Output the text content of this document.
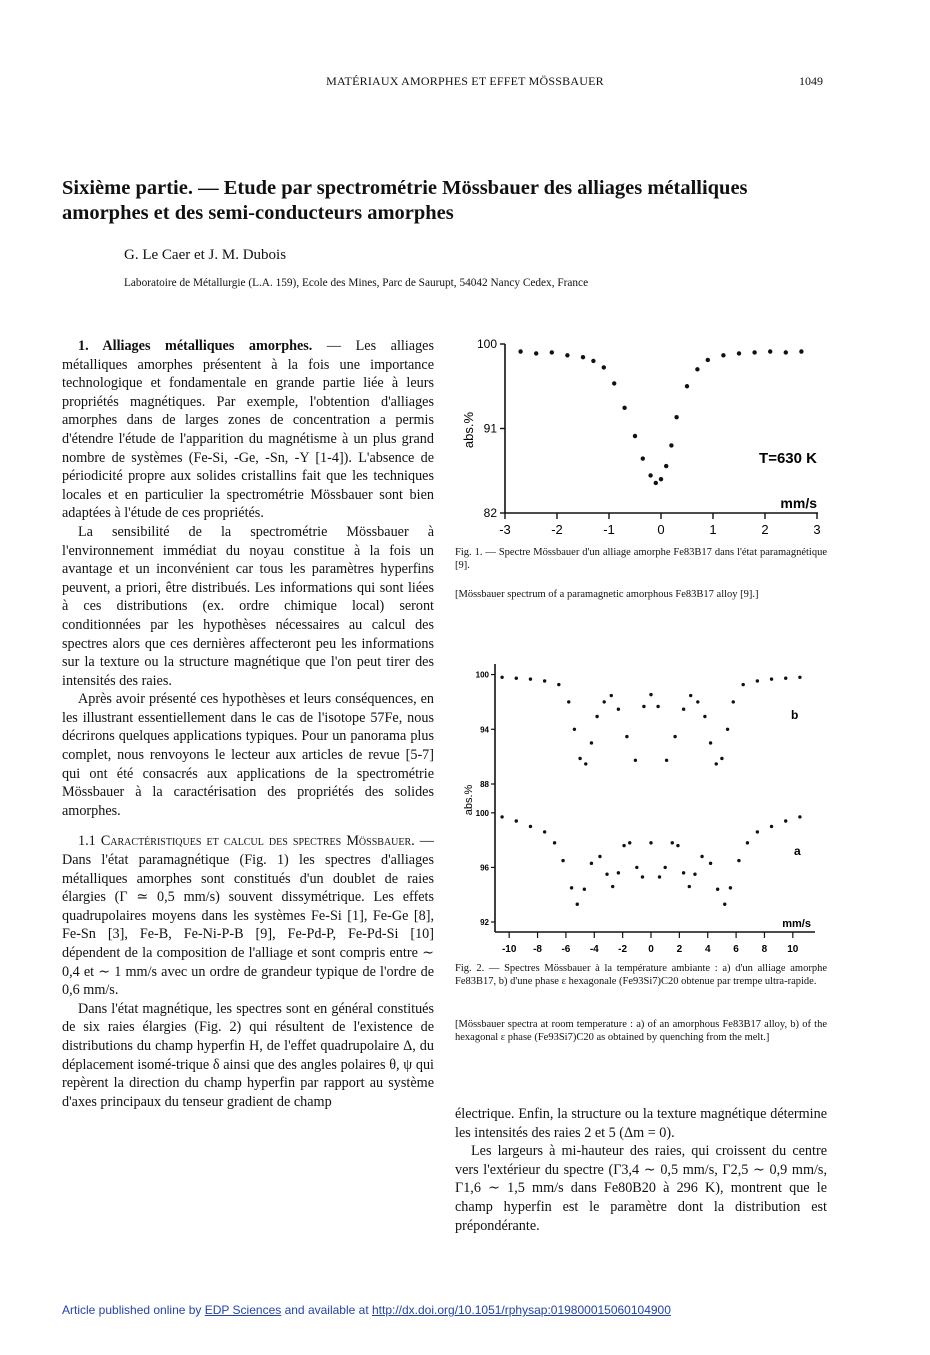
MATÉRIAUX AMORPHES ET EFFET MÖSSBAUER	1049
Sixième partie. — Etude par spectrométrie Mössbauer des alliages métalliques amorphes et des semi-conducteurs amorphes
G. Le Caer et J. M. Dubois
Laboratoire de Métallurgie (L.A. 159), Ecole des Mines, Parc de Saurupt, 54042 Nancy Cedex, France

1. Alliages métalliques amorphes. — Les alliages métalliques amorphes présentent à la fois une importance technologique et fondamentale en grande partie liée à leurs propriétés magnétiques. Par exemple, l'obtention d'alliages amorphes dans de larges zones de concentration a permis d'étendre l'étude de l'apparition du magnétisme à un plus grand nombre de systèmes (Fe-Si, -Ge, -Sn, -Y [1-4]). L'absence de périodicité propre aux solides cristallins fait que les techniques locales et en particulier la spectrométrie Mössbauer sont bien adaptées à l'étude de ces propriétés.

La sensibilité de la spectrométrie Mössbauer à l'environnement immédiat du noyau constitue à la fois un avantage et un inconvénient car tous les paramètres hyperfins peuvent, a priori, être distribués. Les informations qui sont liées à ces distributions (ex. ordre chimique local) seront conditionnées par les hypothèses nécessaires au calcul des spectres alors que ces dernières affecteront peu les informations sur la texture ou la structure magnétique que l'on peut tirer des intensités des raies.

Après avoir présenté ces hypothèses et leurs conséquences, en les illustrant essentiellement dans le cas de l'isotope 57Fe, nous décrirons quelques applications typiques. Pour un panorama plus complet, nous renvoyons le lecteur aux articles de revue [5-7] qui ont été consacrés aux applications de la spectrométrie Mössbauer à la caractérisation des propriétés des solides amorphes.

1.1 Caractéristiques et calcul des spectres Mössbauer. — Dans l'état paramagnétique (Fig. 1) les spectres d'alliages métalliques amorphes sont constitués d'un doublet de raies élargies (Γ ≃ 0,5 mm/s) souvent dissymétrique. Les effets quadrupolaires moyens dans les systèmes Fe-Si [1], Fe-Ge [8], Fe-Sn [3], Fe-B, Fe-Ni-P-B [9], Fe-Pd-P, Fe-Pd-Si [10] dépendent de la composition de l'alliage et sont compris entre ∼ 0,4 et ∼ 1 mm/s avec un ordre de grandeur typique de l'ordre de 0,6 mm/s.

Dans l'état magnétique, les spectres sont en général constitués de six raies élargies (Fig. 2) qui résultent de l'existence de distributions du champ hyperfin H, de l'effet quadrupolaire Δ, du déplacement isomé-trique δ ainsi que des angles polaires θ, ψ qui repèrent la direction du champ hyperfin par rapport au système d'axes principaux du tenseur gradient de champ

100
91
82
-3	-2	-1	0	1	2	3
abs.%
mm/s
T=630 K
Fig. 1. — Spectre Mössbauer d'un alliage amorphe Fe83B17 dans l'état paramagnétique [9].
[Mössbauer spectrum of a paramagnetic amorphous Fe83B17 alloy [9].]
100
94
88
100
96
92
-10 -8 -6 -4 -2 0 2 4 6 8 10
abs.%
mm/s
b
a
Fig. 2. — Spectres Mössbauer à la température ambiante : a) d'un alliage amorphe Fe83B17, b) d'une phase ε hexagonale (Fe93Si7)C20 obtenue par trempe ultra-rapide.
[Mössbauer spectra at room temperature : a) of an amorphous Fe83B17 alloy, b) of the hexagonal ε phase (Fe93Si7)C20 as obtained by quenching from the melt.]

électrique. Enfin, la structure ou la texture magnétique détermine les intensités des raies 2 et 5 (Δm = 0).

Les largeurs à mi-hauteur des raies, qui croissent du centre vers l'extérieur du spectre (Γ3,4 ∼ 0,5 mm/s, Γ2,5 ∼ 0,9 mm/s, Γ1,6 ∼ 1,5 mm/s dans Fe80B20 à 296 K), montrent que le champ hyperfin est le paramètre dont la distribution est prépondérante.

Article published online by EDP Sciences and available at http://dx.doi.org/10.1051/rphysap:019800015060104900
